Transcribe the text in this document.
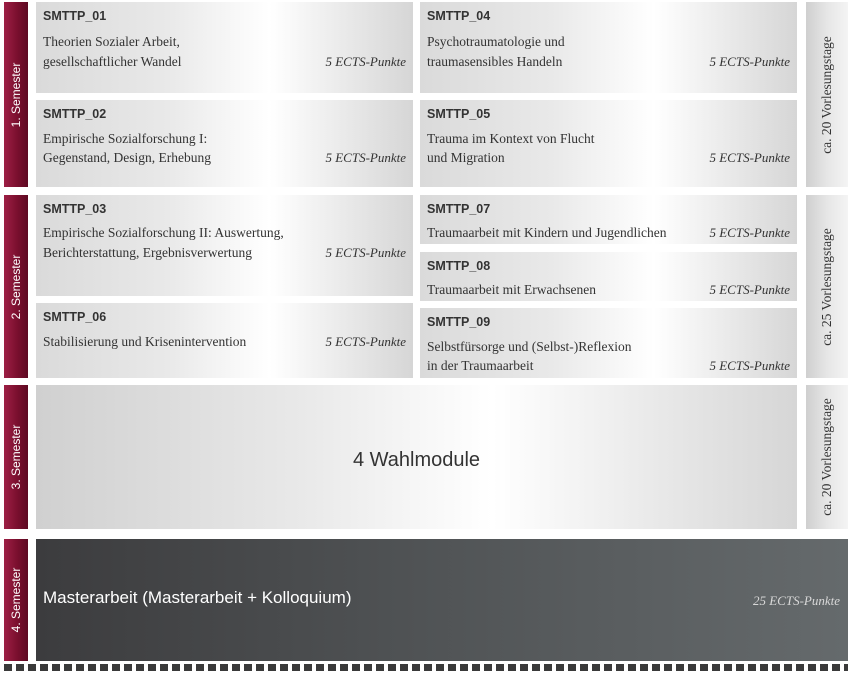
1. Semester
2. Semester
3. Semester
4. Semester
SMTTP_01
Theorien Sozialer Arbeit,
gesellschaftlicher Wandel	5 ECTS-Punkte
SMTTP_02
Empirische Sozialforschung I:
Gegenstand, Design, Erhebung	5 ECTS-Punkte
SMTTP_04
Psychotraumatologie und
traumasensibles Handeln	5 ECTS-Punkte
SMTTP_05
Trauma im Kontext von Flucht
und Migration	5 ECTS-Punkte
SMTTP_03
Empirische Sozialforschung II: Auswertung,
Berichterstattung, Ergebnisverwertung	5 ECTS-Punkte
SMTTP_06
Stabilisierung und Krisenintervention	5 ECTS-Punkte
SMTTP_07
Traumaarbeit mit Kindern und Jugendlichen	5 ECTS-Punkte
SMTTP_08
Traumaarbeit mit Erwachsenen	5 ECTS-Punkte
SMTTP_09
Selbstfürsorge und (Selbst-)Reflexion
in der Traumaarbeit	5 ECTS-Punkte
ca. 20 Vorlesungstage
ca. 25 Vorlesungstage
ca. 20 Vorlesungstage
4 Wahlmodule
Masterarbeit (Masterarbeit + Kolloquium)	25 ECTS-Punkte
